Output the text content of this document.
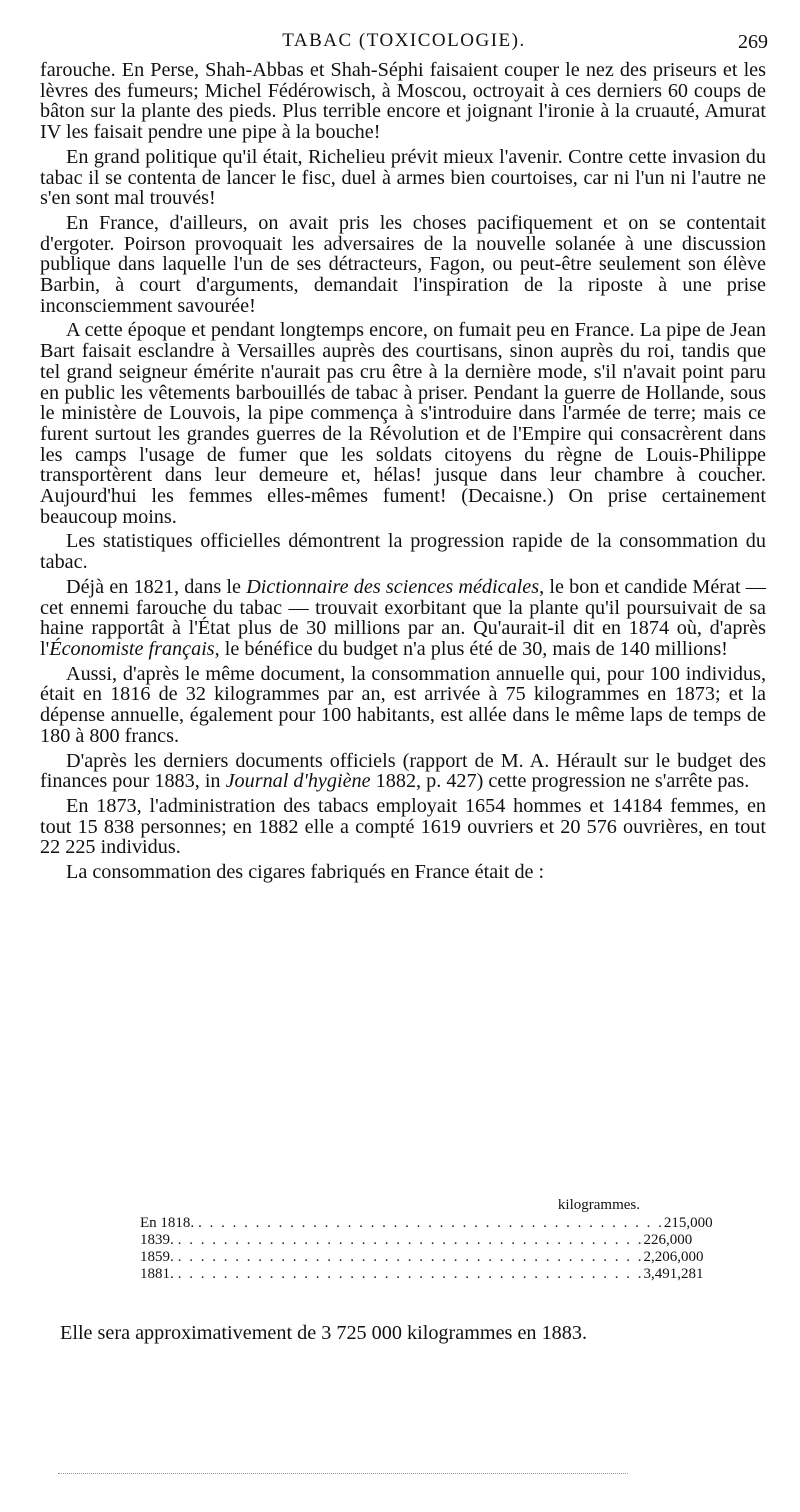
TABAC (TOXICOLOGIE).	269

farouche. En Perse, Shah-Abbas et Shah-Séphi faisaient couper le nez des priseurs et les lèvres des fumeurs; Michel Fédérowisch, à Moscou, octroyait à ces derniers 60 coups de bâton sur la plante des pieds. Plus terrible encore et joignant l'ironie à la cruauté, Amurat IV les faisait pendre une pipe à la bouche!

En grand politique qu'il était, Richelieu prévit mieux l'avenir. Contre cette invasion du tabac il se contenta de lancer le fisc, duel à armes bien courtoises, car ni l'un ni l'autre ne s'en sont mal trouvés!

En France, d'ailleurs, on avait pris les choses pacifiquement et on se contentait d'ergoter. Poirson provoquait les adversaires de la nouvelle solanée à une discussion publique dans laquelle l'un de ses détracteurs, Fagon, ou peut-être seulement son élève Barbin, à court d'arguments, demandait l'inspiration de la riposte à une prise inconsciemment savourée!

A cette époque et pendant longtemps encore, on fumait peu en France. La pipe de Jean Bart faisait esclandre à Versailles auprès des courtisans, sinon auprès du roi, tandis que tel grand seigneur émérite n'aurait pas cru être à la dernière mode, s'il n'avait point paru en public les vêtements barbouillés de tabac à priser. Pendant la guerre de Hollande, sous le ministère de Louvois, la pipe commença à s'introduire dans l'armée de terre; mais ce furent surtout les grandes guerres de la Révolution et de l'Empire qui consacrèrent dans les camps l'usage de fumer que les soldats citoyens du règne de Louis-Philippe transportèrent dans leur demeure et, hélas! jusque dans leur chambre à coucher. Aujourd'hui les femmes elles-mêmes fument! (Decaisne.) On prise certainement beaucoup moins.

Les statistiques officielles démontrent la progression rapide de la consommation du tabac.

Déjà en 1821, dans le Dictionnaire des sciences médicales, le bon et candide Mérat — cet ennemi farouche du tabac — trouvait exorbitant que la plante qu'il poursuivait de sa haine rapportât à l'État plus de 30 millions par an. Qu'aurait-il dit en 1874 où, d'après l'Économiste français, le bénéfice du budget n'a plus été de 30, mais de 140 millions!

Aussi, d'après le même document, la consommation annuelle qui, pour 100 individus, était en 1816 de 32 kilogrammes par an, est arrivée à 75 kilogrammes en 1873; et la dépense annuelle, également pour 100 habitants, est allée dans le même laps de temps de 180 à 800 francs.

D'après les derniers documents officiels (rapport de M. A. Hérault sur le budget des finances pour 1883, in Journal d'hygiène 1882, p. 427) cette progression ne s'arrête pas.

En 1873, l'administration des tabacs employait 1654 hommes et 14184 femmes, en tout 15 838 personnes; en 1882 elle a compté 1619 ouvriers et 20 576 ouvrières, en tout 22 225 individus.

La consommation des cigares fabriqués en France était de :

kilogrammes.
En 1818. . . . . . . . . . . . . . . . . . . . . . . . . . . . . . . . . . . . . . . . . . 215,000
1839. . . . . . . . . . . . . . . . . . . . . . . . . . . . . . . . . . . . . . . . . . 226,000
1859. . . . . . . . . . . . . . . . . . . . . . . . . . . . . . . . . . . . . . . . . . 2,206,000
1881. . . . . . . . . . . . . . . . . . . . . . . . . . . . . . . . . . . . . . . . . . 3,491,281
Elle sera approximativement de 3 725 000 kilogrammes en 1883.
